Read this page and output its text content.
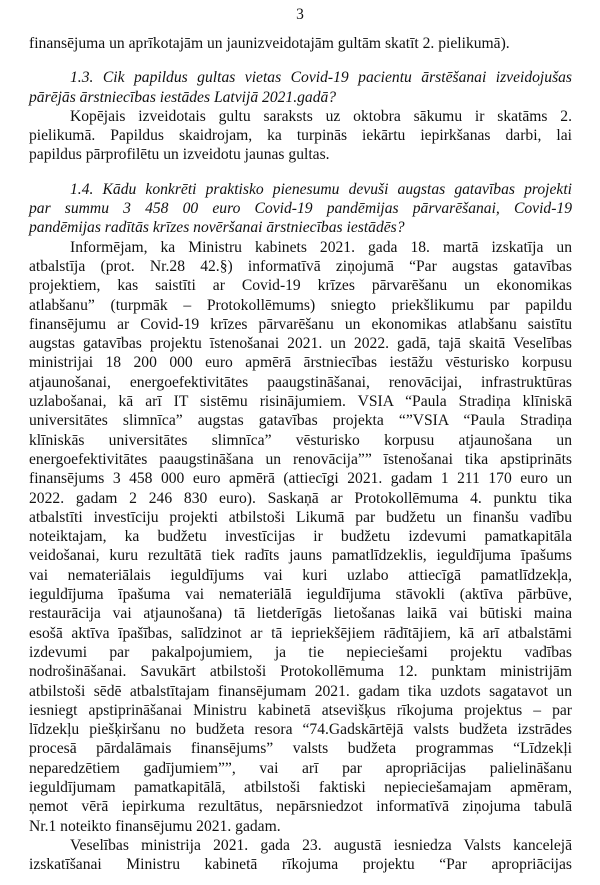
3
finansējuma un aprīkotajām un jaunizveidotajām gultām skatīt 2. pielikumā).
1.3. Cik papildus gultas vietas Covid-19 pacientu ārstēšanai izveidojušas
pārējās ārstniecības iestādes Latvijā 2021.gadā?
Kopējais izveidotais gultu saraksts uz oktobra sākumu ir skatāms 2.
pielikumā. Papildus skaidrojam, ka turpinās iekārtu iepirkšanas darbi, lai
papildus pārprofilētu un izveidotu jaunas gultas.
1.4. Kādu konkrēti praktisko pienesumu devuši augstas gatavības projekti
par summu 3 458 00 euro Covid-19 pandēmijas pārvarēšanai, Covid-19
pandēmijas radītās krīzes novēršanai ārstniecības iestādēs?
Informējam, ka Ministru kabinets 2021. gada 18. martā izskatīja un
atbalstīja (prot. Nr.28 42.§) informatīvā ziņojumā “Par augstas gatavības
projektiem, kas saistīti ar Covid-19 krīzes pārvarēšanu un ekonomikas
atlabšanu” (turpmāk – Protokollēmums) sniegto priekšlikumu par papildu
finansējumu ar Covid-19 krīzes pārvarēšanu un ekonomikas atlabšanu saistītu
augstas gatavības projektu īstenošanai 2021. un 2022. gadā, tajā skaitā Veselības
ministrijai 18 200 000 euro apmērā ārstniecības iestāžu vēsturisko korpusu
atjaunošanai, energoefektivitātes paaugstināšanai, renovācijai, infrastruktūras
uzlabošanai, kā arī IT sistēmu risinājumiem. VSIA “Paula Stradiņa klīniskā
universitātes slimnīca” augstas gatavības projekta “”VSIA “Paula Stradiņa
klīniskās universitātes slimnīca” vēsturisko korpusu atjaunošana un
energoefektivitātes paaugstināšana un renovācija”” īstenošanai tika apstiprināts
finansējums 3 458 000 euro apmērā (attiecīgi 2021. gadam 1 211 170 euro un
2022. gadam 2 246 830 euro). Saskaņā ar Protokollēmuma 4. punktu tika
atbalstīti investīciju projekti atbilstoši Likumā par budžetu un finanšu vadību
noteiktajam, ka budžetu investīcijas ir budžetu izdevumi pamatkapitāla
veidošanai, kuru rezultātā tiek radīts jauns pamatlīdzeklis, ieguldījuma īpašums
vai nemateriālais ieguldījums vai kuri uzlabo attiecīgā pamatlīdzekļa,
ieguldījuma īpašuma vai nemateriālā ieguldījuma stāvokli (aktīva pārbūve,
restaurācija vai atjaunošana) tā lietderīgās lietošanas laikā vai būtiski maina
esošā aktīva īpašības, salīdzinot ar tā iepriekšējiem rādītājiem, kā arī atbalstāmi
izdevumi par pakalpojumiem, ja tie nepieciešami projektu vadības
nodrošināšanai. Savukārt atbilstoši Protokollēmuma 12. punktam ministrijām
atbilstoši sēdē atbalstītajam finansējumam 2021. gadam tika uzdots sagatavot un
iesniegt apstiprināšanai Ministru kabinetā atsevišķus rīkojuma projektus – par
līdzekļu piešķiršanu no budžeta resora “74.Gadskārtējā valsts budžeta izstrādes
procesā pārdalāmais finansējums” valsts budžeta programmas “Līdzekļi
neparedzētiem gadījumiem””, vai arī par apropriācijas palielināšanu
ieguldījumam pamatkapitālā, atbilstoši faktiski nepieciešamajam apmēram,
ņemot vērā iepirkuma rezultātus, nepārsniedzot informatīvā ziņojuma tabulā
Nr.1 noteikto finansējumu 2021. gadam.
Veselības ministrija 2021. gada 23. augustā iesniedza Valsts kancelejā
izskatīšanai Ministru kabinetā rīkojuma projektu “Par apropriācijas
